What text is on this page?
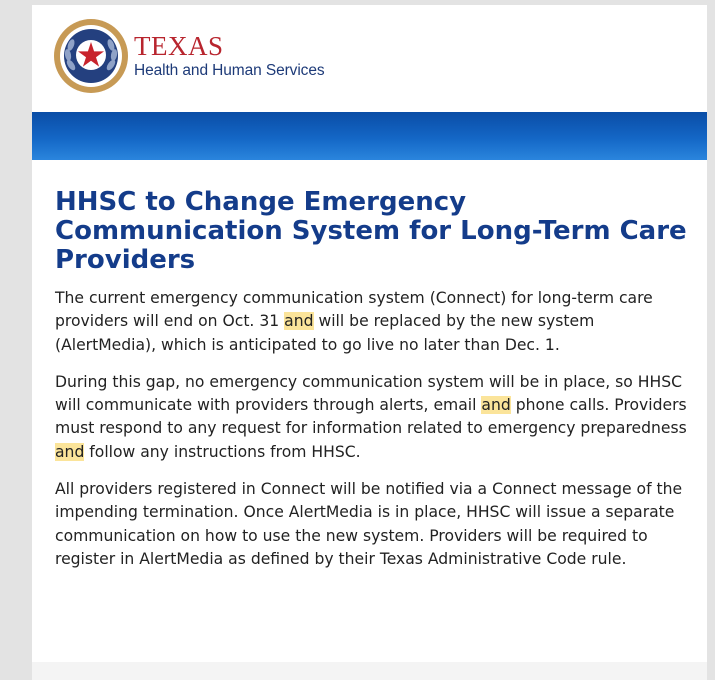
TEXAS
Health and Human Services
HHSC to Change Emergency Communication System for Long-Term Care Providers

The current emergency communication system (Connect) for long-term care providers will end on Oct. 31 and will be replaced by the new system (AlertMedia), which is anticipated to go live no later than Dec. 1.

During this gap, no emergency communication system will be in place, so HHSC will communicate with providers through alerts, email and phone calls. Providers must respond to any request for information related to emergency preparedness and follow any instructions from HHSC.

All providers registered in Connect will be notified via a Connect message of the impending termination. Once AlertMedia is in place, HHSC will issue a separate communication on how to use the new system. Providers will be required to register in AlertMedia as defined by their Texas Administrative Code rule.
